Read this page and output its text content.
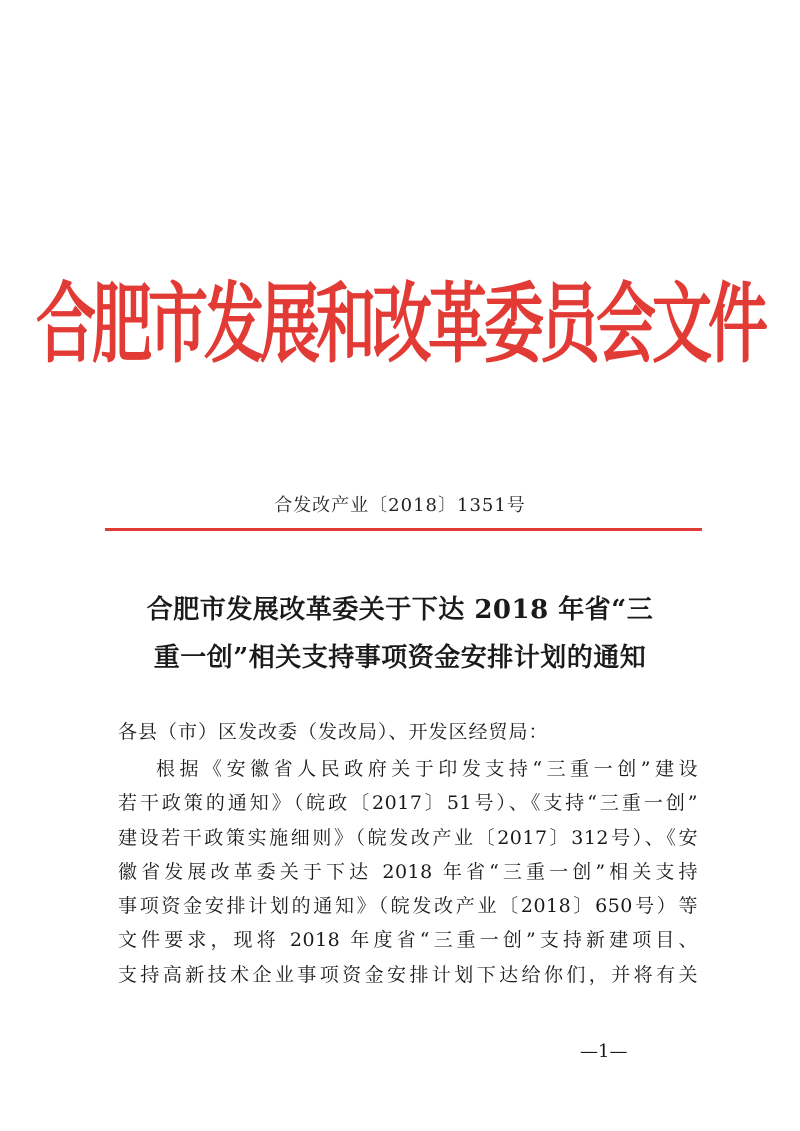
合肥市发展和改革委员会文件
合发改产业〔2018〕1351号
合肥市发展改革委关于下达 2018 年省“三
重一创”相关支持事项资金安排计划的通知
各县（市）区发改委（发改局）、开发区经贸局：
根据《安徽省人民政府关于印发支持“三重一创”建设
若干政策的通知》（皖政〔2017〕51号）、《支持“三重一创”
建设若干政策实施细则》（皖发改产业〔2017〕312号）、《安
徽省发展改革委关于下达 2018 年省“三重一创”相关支持
事项资金安排计划的通知》（皖发改产业〔2018〕650号）等
文件要求，现将 2018 年度省“三重一创”支持新建项目、
支持高新技术企业事项资金安排计划下达给你们，并将有关
—1—
